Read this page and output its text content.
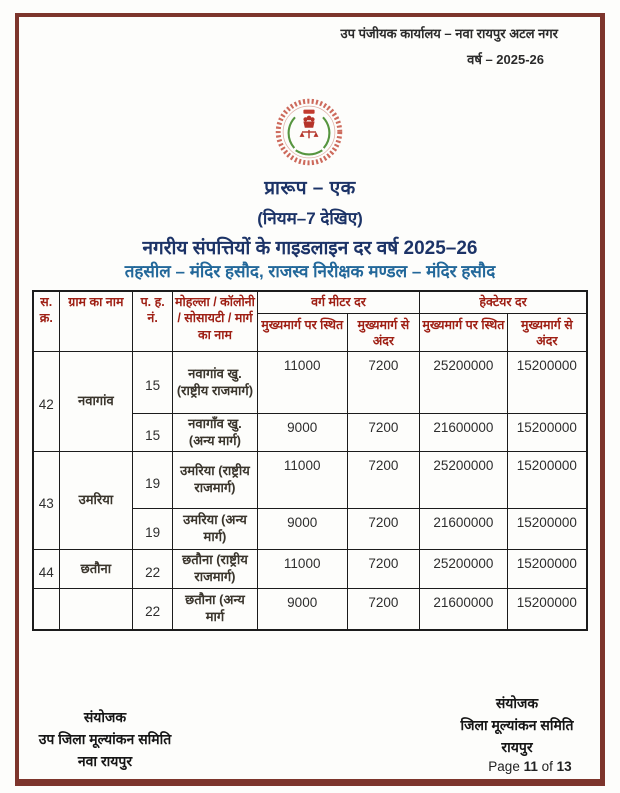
उप पंजीयक कार्यालय – नवा रायपुर अटल नगर
वर्ष – 2025-26
प्रारूप – एक
(नियम–7 देखिए)
नगरीय संपत्तियों के गाइडलाइन दर वर्ष 2025–26
तहसील – मंदिर हसौद, राजस्व निरीक्षक मण्डल – मंदिर हसौद
स. क्र.	ग्राम का नाम	प. ह. नं.	मोहल्ला / कॉलोनी / सोसायटी / मार्ग का नाम	वर्ग मीटर दर		हेक्टेयर दर	
				मुख्यमार्ग पर स्थित	मुख्यमार्ग से अंदर	मुख्यमार्ग पर स्थित	मुख्यमार्ग से अंदर
42	नवागांव	15	नवागांव खु. (राष्ट्रीय राजमार्ग)	11000	7200	25200000	15200000
		15	नवागाँव खु. (अन्य मार्ग)	9000	7200	21600000	15200000
43	उमरिया	19	उमरिया (राष्ट्रीय राजमार्ग)	11000	7200	25200000	15200000
		19	उमरिया (अन्य मार्ग)	9000	7200	21600000	15200000
44	छतौना	22	छतौना (राष्ट्रीय राजमार्ग)	11000	7200	25200000	15200000
		22	छतौना (अन्य मार्ग	9000	7200	21600000	15200000
संयोजक
उप जिला मूल्यांकन समिति
नवा रायपुर
संयोजक
जिला मूल्यांकन समिति
रायपुर
Page 11 of 13
